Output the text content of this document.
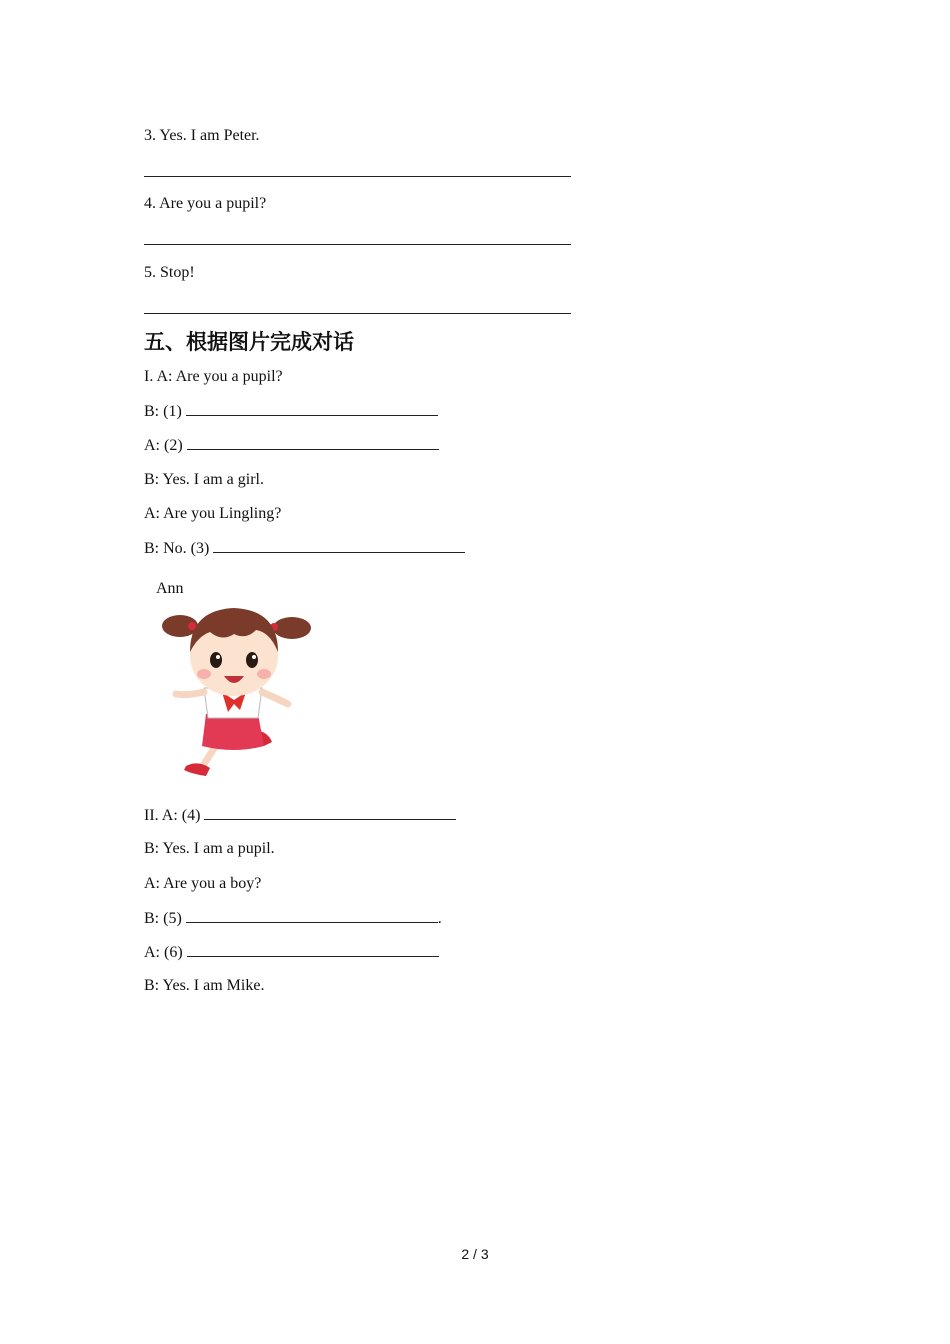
3. Yes. I am Peter.
4. Are you a pupil?
5. Stop!
五、根据图片完成对话
I. A: Are you a pupil?
B: (1)
A: (2)
B: Yes. I am a girl.
A: Are you Lingling?
B: No. (3)
Ann
II. A: (4)
B: Yes. I am a pupil.
A: Are you a boy?
B: (5)	.
A: (6)
B: Yes. I am Mike.
2 / 3
